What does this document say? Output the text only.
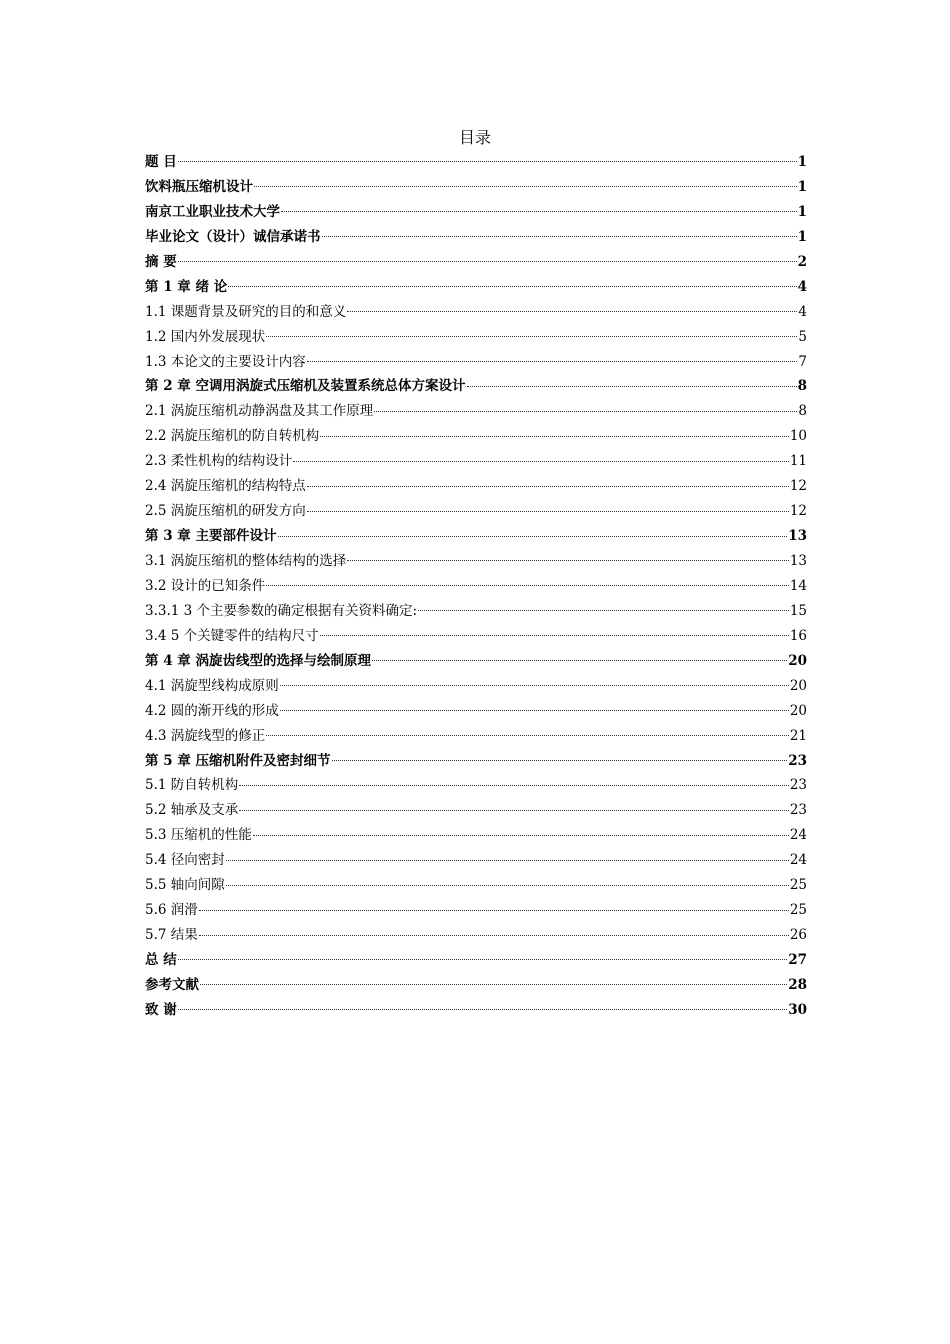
目录
题 目	1
饮料瓶压缩机设计	1
南京工业职业技术大学	1
毕业论文（设计）诚信承诺书	1
摘 要	2
第 1 章 绪 论	4
1.1 课题背景及研究的目的和意义	4
1.2 国内外发展现状	5
1.3 本论文的主要设计内容	7
第 2 章 空调用涡旋式压缩机及装置系统总体方案设计	8
2.1 涡旋压缩机动静涡盘及其工作原理	8
2.2 涡旋压缩机的防自转机构	10
2.3 柔性机构的结构设计	11
2.4 涡旋压缩机的结构特点	12
2.5 涡旋压缩机的研发方向	12
第 3 章 主要部件设计	13
3.1 涡旋压缩机的整体结构的选择	13
3.2 设计的已知条件	14
3.3.1 3 个主要参数的确定根据有关资料确定:	15
3.4 5 个关键零件的结构尺寸	16
第 4 章 涡旋齿线型的选择与绘制原理	20
4.1 涡旋型线构成原则	20
4.2 圆的渐开线的形成	20
4.3 涡旋线型的修正	21
第 5 章 压缩机附件及密封细节	23
5.1 防自转机构	23
5.2 轴承及支承	23
5.3 压缩机的性能	24
5.4 径向密封	24
5.5 轴向间隙	25
5.6 润滑	25
5.7 结果	26
总 结	27
参考文献	28
致 谢	30
